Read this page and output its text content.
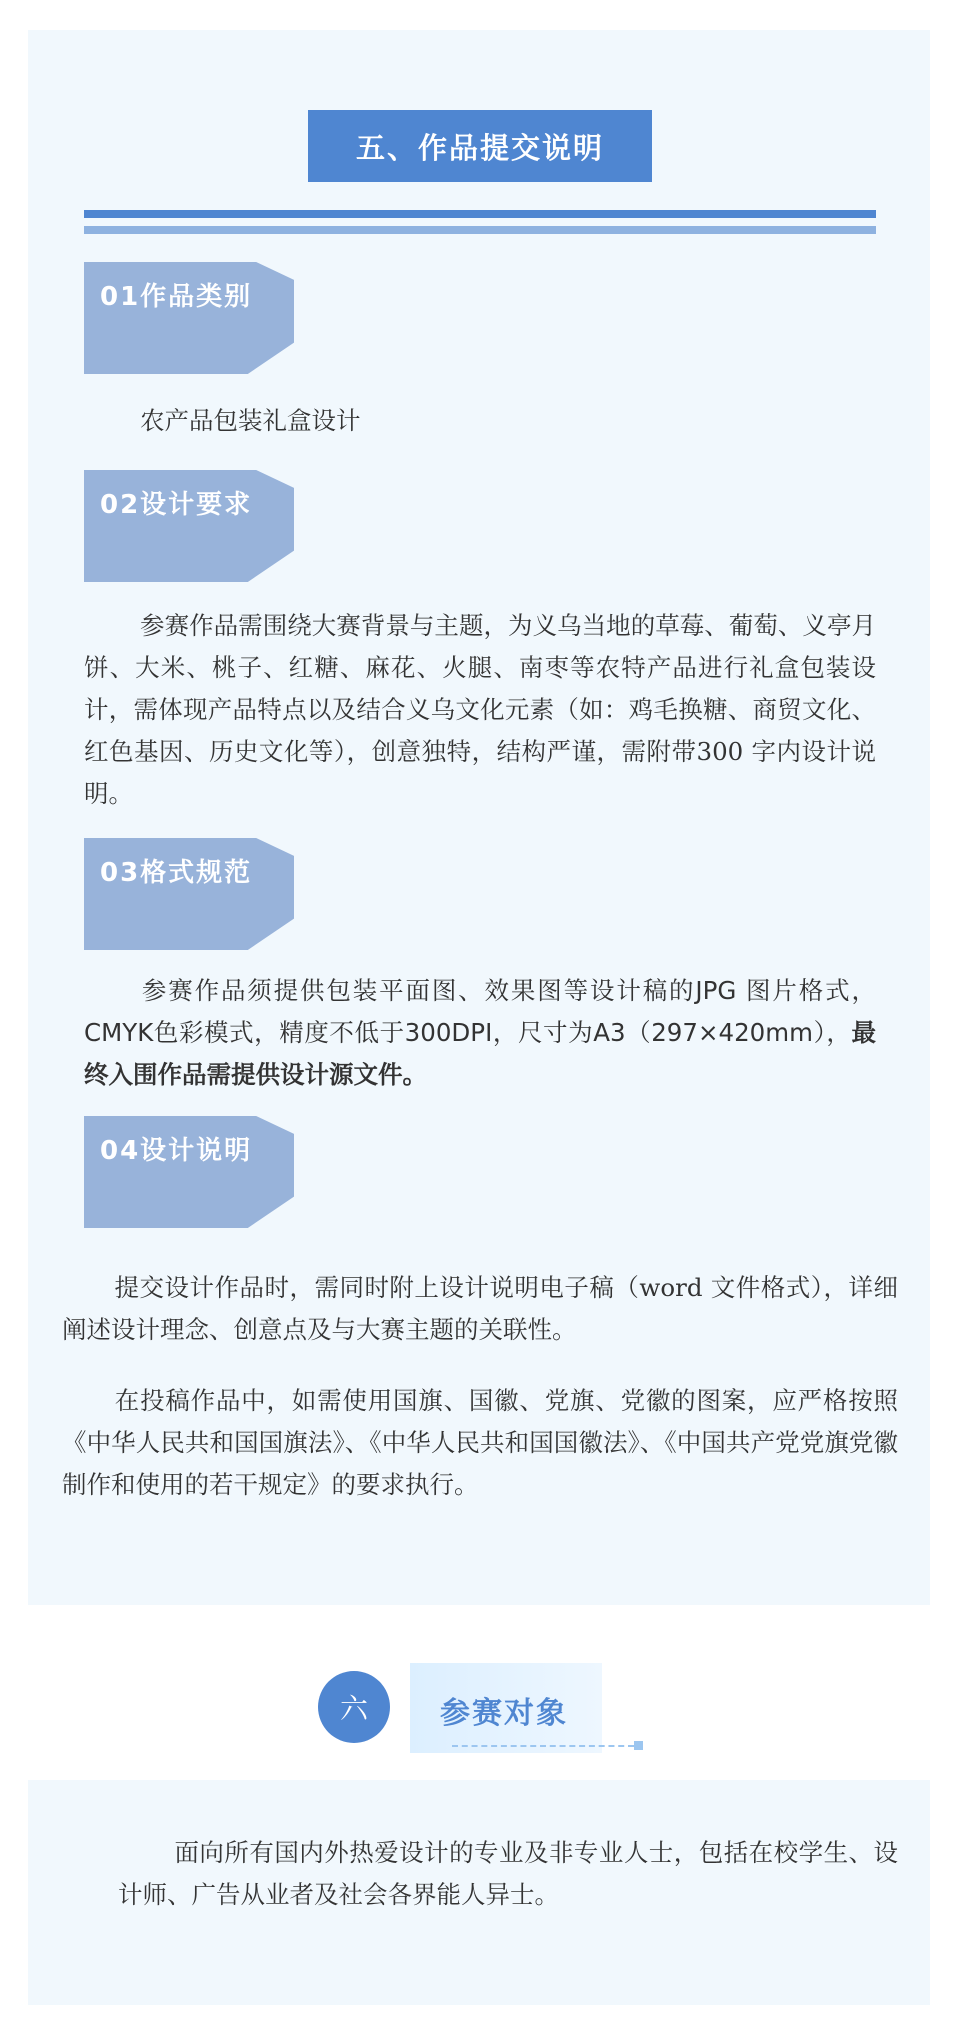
五、作品提交说明
01作品类别
农产品包装礼盒设计
02设计要求
参赛作品需围绕大赛背景与主题，为义乌当地的草莓、葡萄、义亭月饼、大米、桃子、红糖、麻花、火腿、南枣等农特产品进行礼盒包装设计，需体现产品特点以及结合义乌文化元素（如：鸡毛换糖、商贸文化、红色基因、历史文化等），创意独特，结构严谨，需附带300 字内设计说明。
03格式规范
参赛作品须提供包装平面图、效果图等设计稿的JPG 图片格式，CMYK色彩模式，精度不低于300DPI，尺寸为A3（297×420mm），最终入围作品需提供设计源文件。
04设计说明
提交设计作品时，需同时附上设计说明电子稿（word 文件格式），详细阐述设计理念、创意点及与大赛主题的关联性。
在投稿作品中，如需使用国旗、国徽、党旗、党徽的图案，应严格按照《中华人民共和国国旗法》、《中华人民共和国国徽法》、《中国共产党党旗党徽制作和使用的若干规定》的要求执行。
六	参赛对象
面向所有国内外热爱设计的专业及非专业人士，包括在校学生、设计师、广告从业者及社会各界能人异士。
